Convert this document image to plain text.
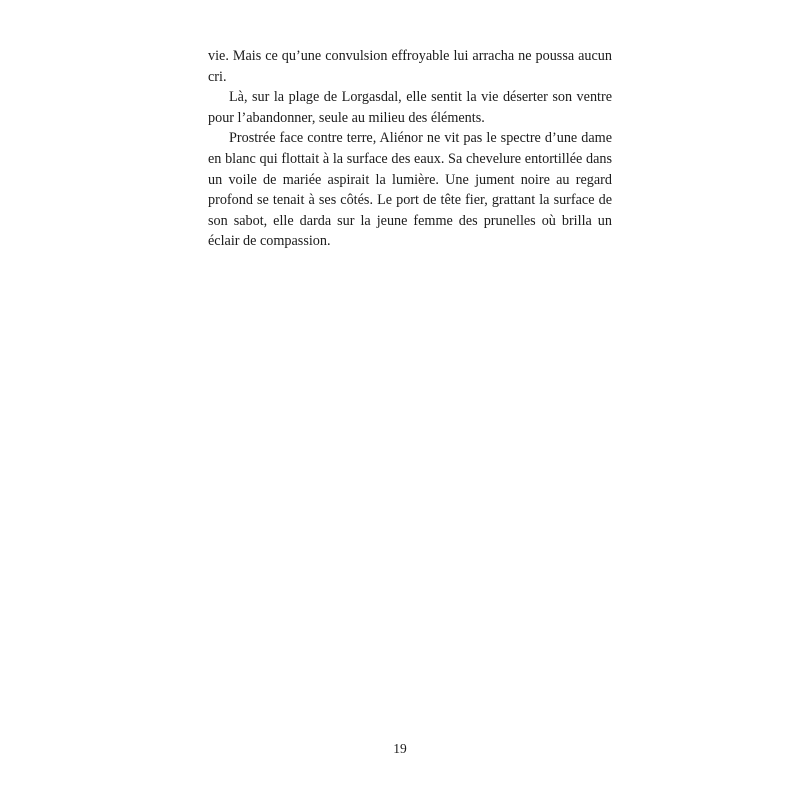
vie. Mais ce qu’une convulsion effroyable lui arracha ne poussa aucun cri.

Là, sur la plage de Lorgasdal, elle sentit la vie déserter son ventre pour l’abandonner, seule au milieu des éléments.

Prostrée face contre terre, Aliénor ne vit pas le spectre d’une dame en blanc qui flottait à la surface des eaux. Sa chevelure entortillée dans un voile de mariée aspirait la lumière. Une jument noire au regard profond se tenait à ses côtés. Le port de tête fier, grattant la surface de son sabot, elle darda sur la jeune femme des prunelles où brilla un éclair de compassion.

19
